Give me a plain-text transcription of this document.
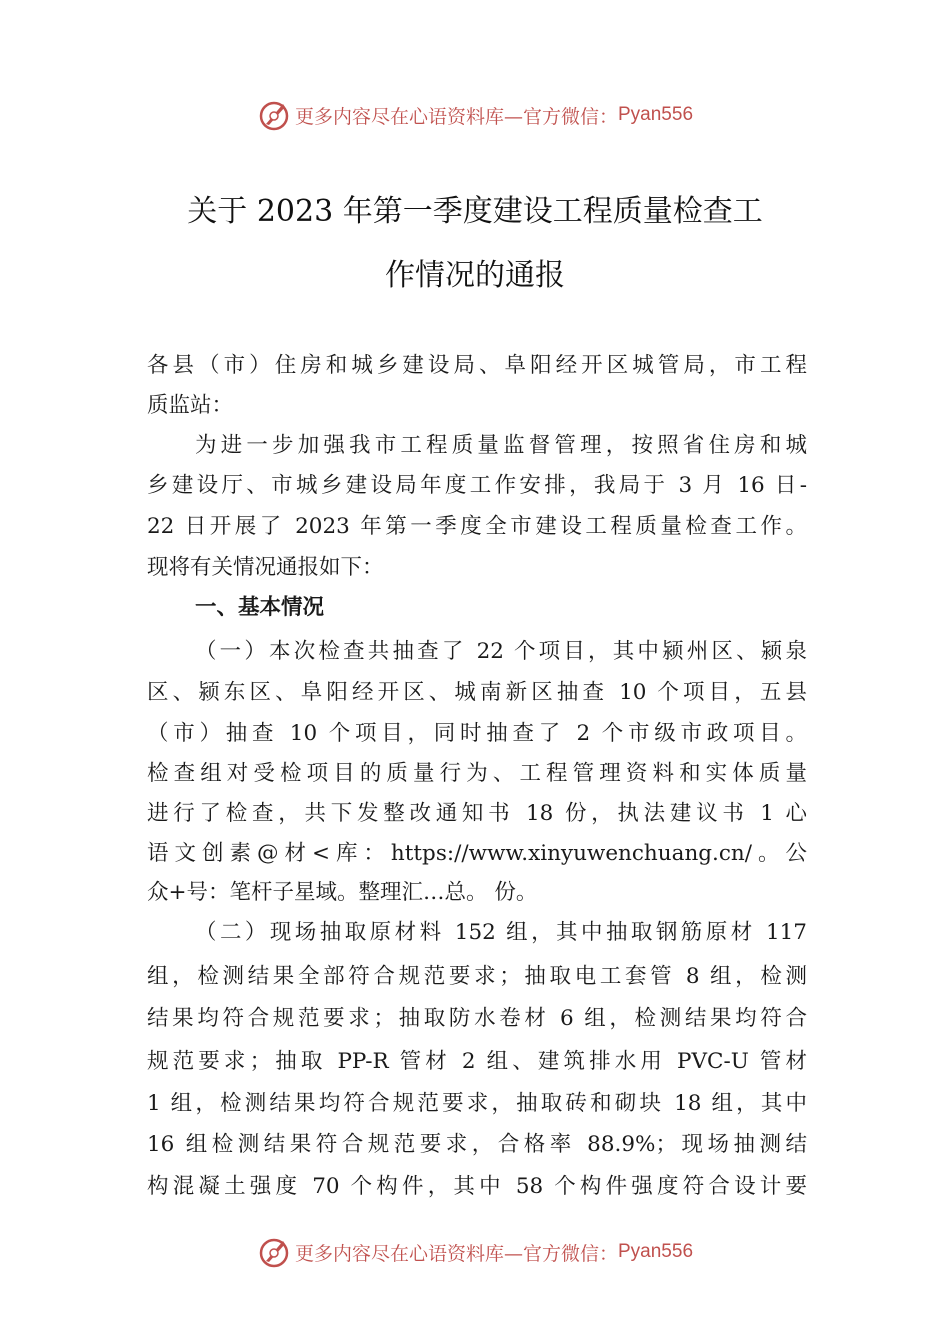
更多内容尽在心语资料库—官方微信： Pyan556
关于 2023 年第一季度建设工程质量检查工
作情况的通报
各县（市）住房和城乡建设局、阜阳经开区城管局，市工程
质监站：
为进一步加强我市工程质量监督管理，按照省住房和城
乡建设厅、市城乡建设局年度工作安排，我局于 3 月 16 日-
22 日开展了 2023 年第一季度全市建设工程质量检查工作。
现将有关情况通报如下：
一、基本情况
（一）本次检查共抽查了 22 个项目，其中颍州区、颍泉
区、颍东区、阜阳经开区、城南新区抽查 10 个项目，五县
（市）抽查 10 个项目，同时抽查了 2 个市级市政项目。
检查组对受检项目的质量行为、工程管理资料和实体质量
进行了检查，共下发整改通知书 18 份，执法建议书 1 心
语文创素@材<库：https://www.xinyuwenchuang.cn/。公
众+号：笔杆子星域。整理汇…总。 份。
（二）现场抽取原材料 152 组，其中抽取钢筋原材 117
组，检测结果全部符合规范要求；抽取电工套管 8 组，检测
结果均符合规范要求；抽取防水卷材 6 组，检测结果均符合
规范要求；抽取 PP-R 管材 2 组、建筑排水用 PVC-U 管材
1 组，检测结果均符合规范要求，抽取砖和砌块 18 组，其中
16 组检测结果符合规范要求，合格率 88.9%；现场抽测结
构混凝土强度 70 个构件，其中 58 个构件强度符合设计要
更多内容尽在心语资料库—官方微信： Pyan556
